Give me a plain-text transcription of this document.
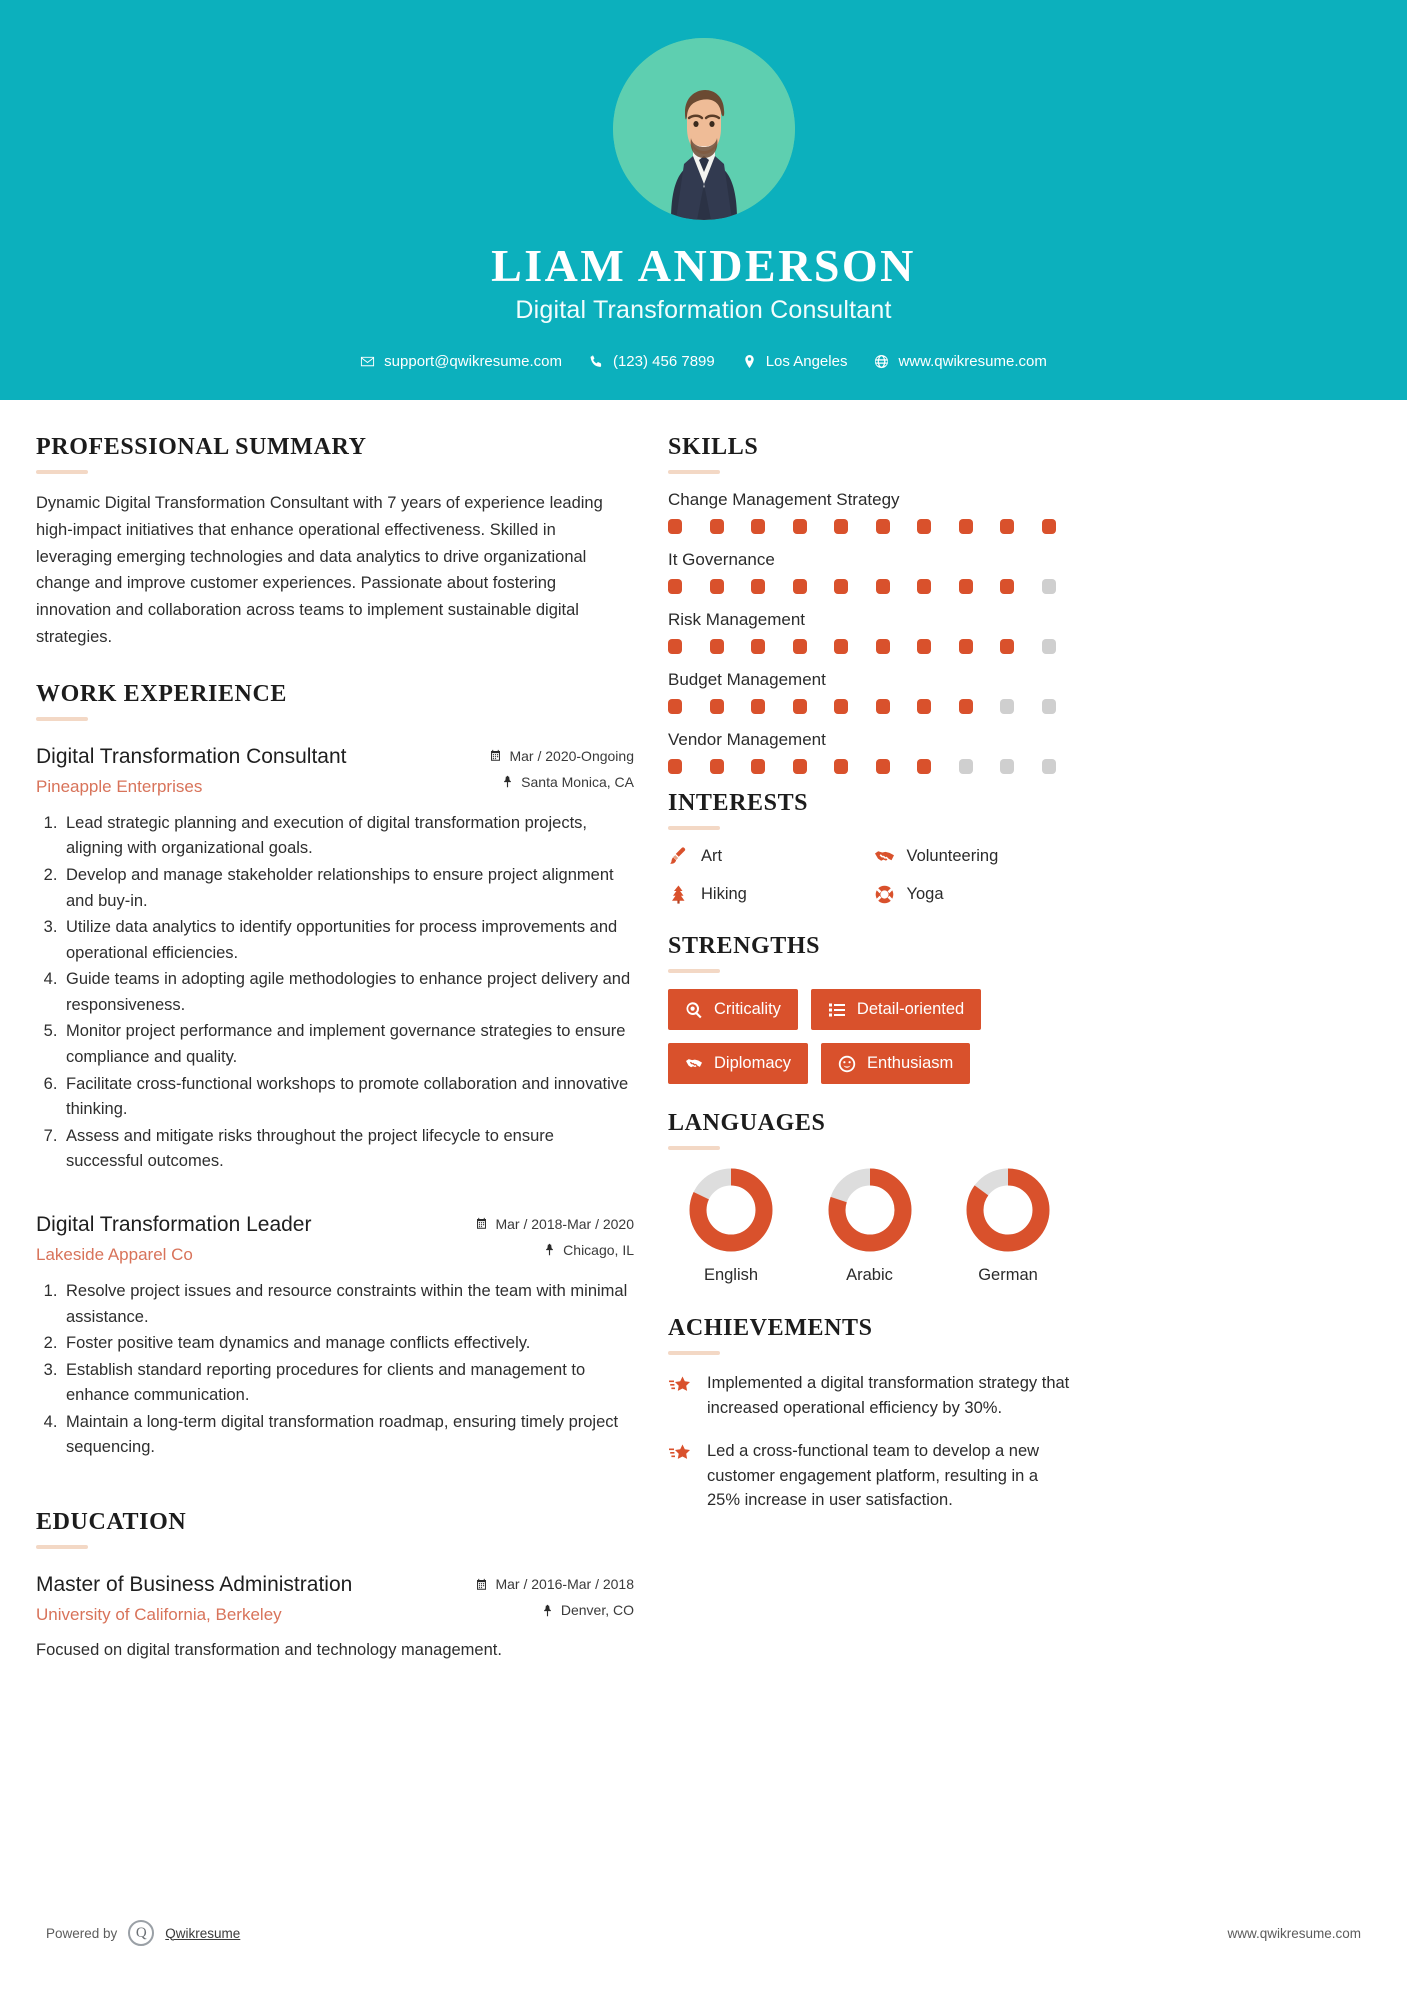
LIAM ANDERSON
Digital Transformation Consultant
support@qwikresume.com	(123) 456 7899	Los Angeles	www.qwikresume.com
PROFESSIONAL SUMMARY
Dynamic Digital Transformation Consultant with 7 years of experience leading high-impact initiatives that enhance operational effectiveness. Skilled in leveraging emerging technologies and data analytics to drive organizational change and improve customer experiences. Passionate about fostering innovation and collaboration across teams to implement sustainable digital strategies.
WORK EXPERIENCE
Digital Transformation Consultant
Pineapple Enterprises
Mar / 2020-Ongoing
Santa Monica, CA
1. Lead strategic planning and execution of digital transformation projects, aligning with organizational goals.
2. Develop and manage stakeholder relationships to ensure project alignment and buy-in.
3. Utilize data analytics to identify opportunities for process improvements and operational efficiencies.
4. Guide teams in adopting agile methodologies to enhance project delivery and responsiveness.
5. Monitor project performance and implement governance strategies to ensure compliance and quality.
6. Facilitate cross-functional workshops to promote collaboration and innovative thinking.
7. Assess and mitigate risks throughout the project lifecycle to ensure successful outcomes.
Digital Transformation Leader
Lakeside Apparel Co
Mar / 2018-Mar / 2020
Chicago, IL
1. Resolve project issues and resource constraints within the team with minimal assistance.
2. Foster positive team dynamics and manage conflicts effectively.
3. Establish standard reporting procedures for clients and management to enhance communication.
4. Maintain a long-term digital transformation roadmap, ensuring timely project sequencing.
EDUCATION
Master of Business Administration
University of California, Berkeley
Mar / 2016-Mar / 2018
Denver, CO
Focused on digital transformation and technology management.
SKILLS
Change Management Strategy
It Governance
Risk Management
Budget Management
Vendor Management
INTERESTS
Art	Volunteering
Hiking	Yoga
STRENGTHS
Criticality	Detail-oriented
Diplomacy	Enthusiasm
LANGUAGES
English	Arabic	German
ACHIEVEMENTS
Implemented a digital transformation strategy that increased operational efficiency by 30%.
Led a cross-functional team to develop a new customer engagement platform, resulting in a 25% increase in user satisfaction.
Powered by	Q	Qwikresume	www.qwikresume.com
